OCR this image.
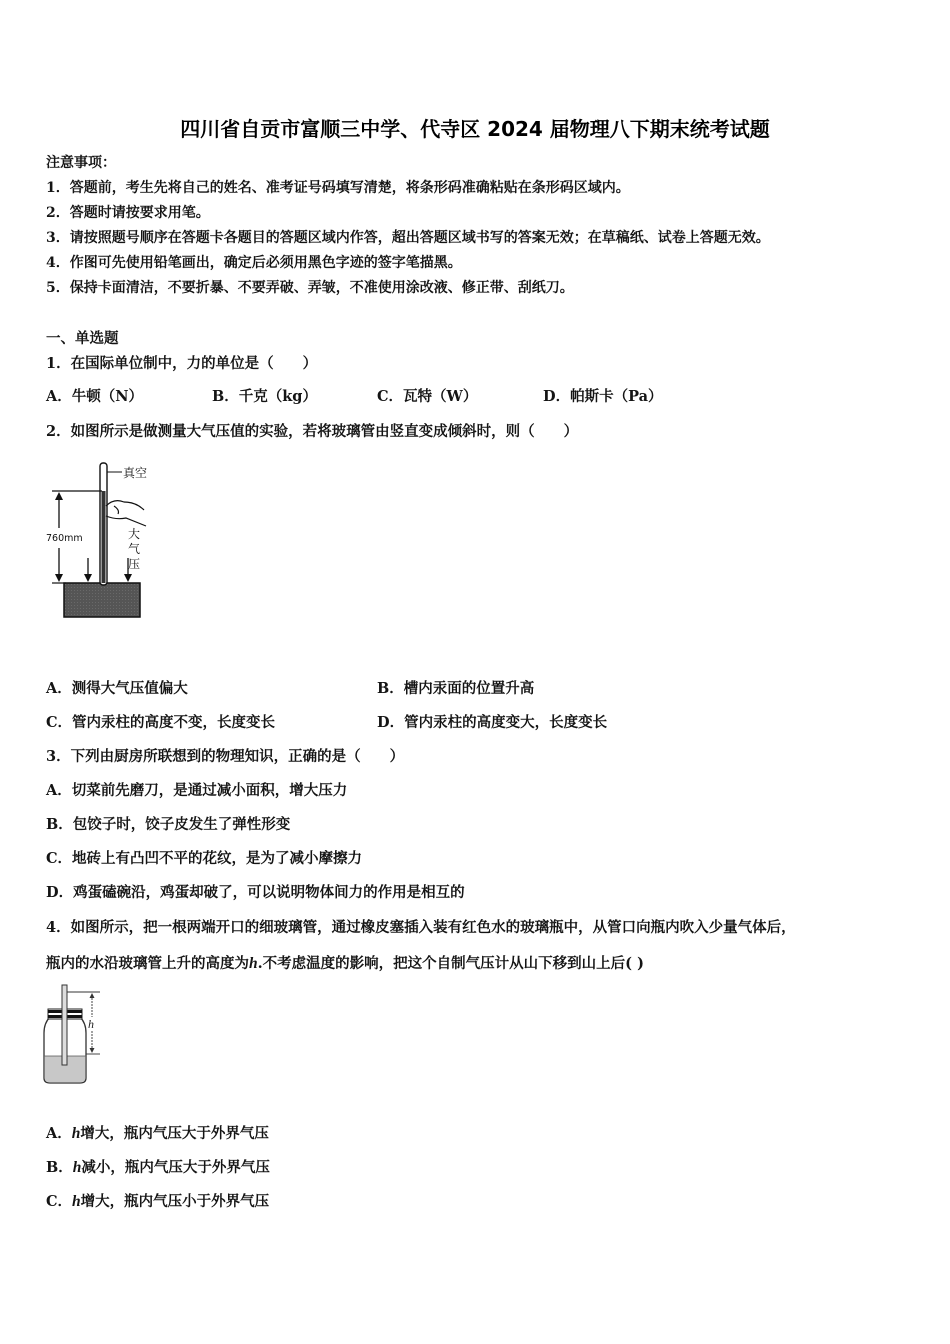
四川省自贡市富顺三中学、代寺区 2024 届物理八下期末统考试题
注意事项：
1．答题前，考生先将自己的姓名、准考证号码填写清楚，将条形码准确粘贴在条形码区域内。
2．答题时请按要求用笔。
3．请按照题号顺序在答题卡各题目的答题区域内作答，超出答题区域书写的答案无效；在草稿纸、试卷上答题无效。
4．作图可先使用铅笔画出，确定后必须用黑色字迹的签字笔描黑。
5．保持卡面清洁，不要折暴、不要弄破、弄皱，不准使用涂改液、修正带、刮纸刀。
一、单选题
1．在国际单位制中，力的单位是（　　）
A．牛顿（N）	B．千克（kg）	C．瓦特（W）	D．帕斯卡（Pa）
2．如图所示是做测量大气压值的实验，若将玻璃管由竖直变成倾斜时，则（　　）
真空
760mm	大
气
压
A．测得大气压值偏大	B．槽内汞面的位置升高
C．管内汞柱的高度不变，长度变长	D．管内汞柱的高度变大，长度变长
3．下列由厨房所联想到的物理知识，正确的是（　　）
A．切菜前先磨刀，是通过减小面积，增大压力
B．包饺子时，饺子皮发生了弹性形变
C．地砖上有凸凹不平的花纹，是为了减小摩擦力
D．鸡蛋磕碗沿，鸡蛋却破了，可以说明物体间力的作用是相互的
4．如图所示，把一根两端开口的细玻璃管，通过橡皮塞插入装有红色水的玻璃瓶中，从管口向瓶内吹入少量气体后，
瓶内的水沿玻璃管上升的高度为h.不考虑温度的影响，把这个自制气压计从山下移到山上后( )
h
A．h增大，瓶内气压大于外界气压
B．h减小，瓶内气压大于外界气压
C．h增大，瓶内气压小于外界气压
